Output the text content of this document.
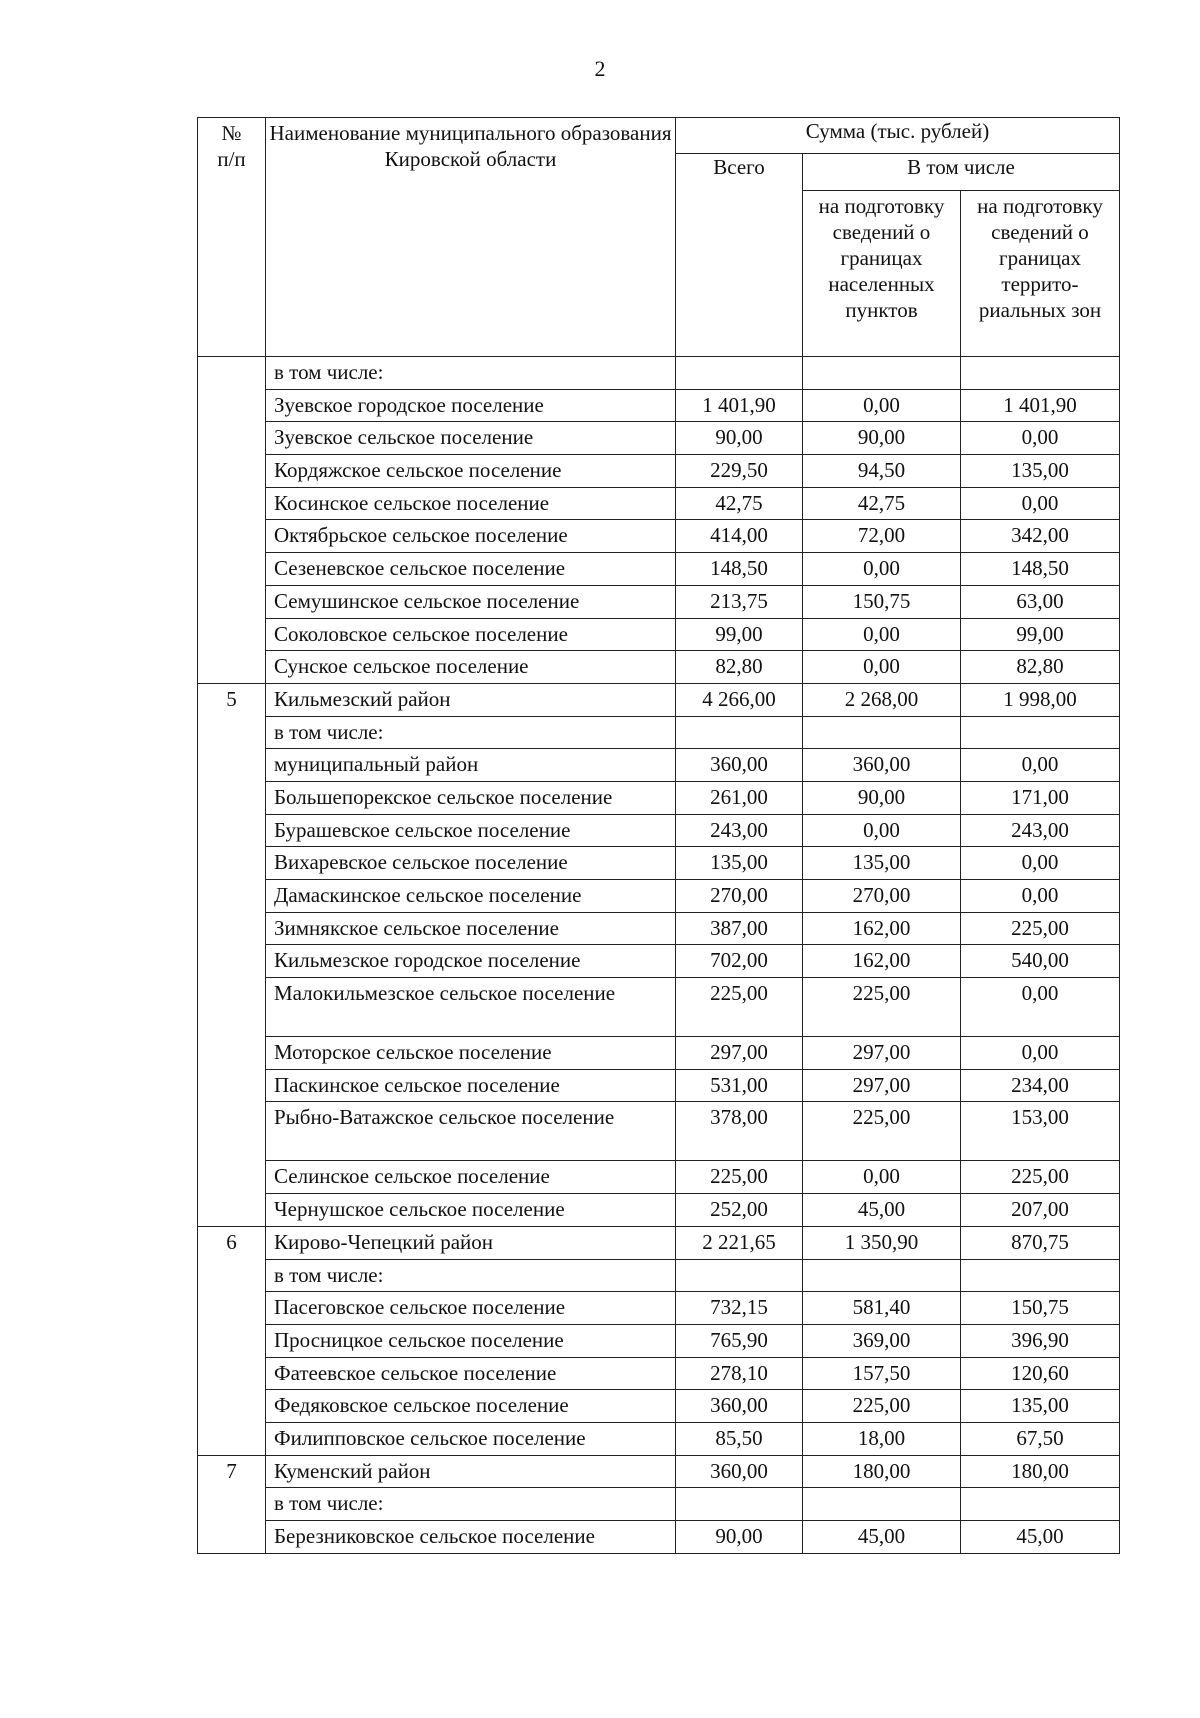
2
№
п/п	Наименование муниципального образования Кировской области	Сумма (тыс. рублей)		
		Всего	В том числе	
			на подготовку сведений о границах населенных пунктов	на подготовку сведений о границах террито-риальных зон
	в том числе:			
	Зуевское городское поселение	1 401,90	0,00	1 401,90
	Зуевское сельское поселение	90,00	90,00	0,00
	Кордяжское сельское поселение	229,50	94,50	135,00
	Косинское сельское поселение	42,75	42,75	0,00
	Октябрьское сельское поселение	414,00	72,00	342,00
	Сезеневское сельское поселение	148,50	0,00	148,50
	Семушинское сельское поселение	213,75	150,75	63,00
	Соколовское сельское поселение	99,00	0,00	99,00
	Сунское сельское поселение	82,80	0,00	82,80
5	Кильмезский район	4 266,00	2 268,00	1 998,00
	в том числе:			
	муниципальный район	360,00	360,00	0,00
	Большепорекское сельское поселение	261,00	90,00	171,00
	Бурашевское сельское поселение	243,00	0,00	243,00
	Вихаревское сельское поселение	135,00	135,00	0,00
	Дамаскинское сельское поселение	270,00	270,00	0,00
	Зимнякское сельское поселение	387,00	162,00	225,00
	Кильмезское городское поселение	702,00	162,00	540,00
	Малокильмезское сельское поселение	225,00	225,00	0,00
	Моторское сельское поселение	297,00	297,00	0,00
	Паскинское сельское поселение	531,00	297,00	234,00
	Рыбно-Ватажское сельское поселение	378,00	225,00	153,00
	Селинское сельское поселение	225,00	0,00	225,00
	Чернушское сельское поселение	252,00	45,00	207,00
6	Кирово-Чепецкий район	2 221,65	1 350,90	870,75
	в том числе:			
	Пасеговское сельское поселение	732,15	581,40	150,75
	Просницкое сельское поселение	765,90	369,00	396,90
	Фатеевское сельское поселение	278,10	157,50	120,60
	Федяковское сельское поселение	360,00	225,00	135,00
	Филипповское сельское поселение	85,50	18,00	67,50
7	Куменский район	360,00	180,00	180,00
	в том числе:			
	Березниковское сельское поселение	90,00	45,00	45,00
